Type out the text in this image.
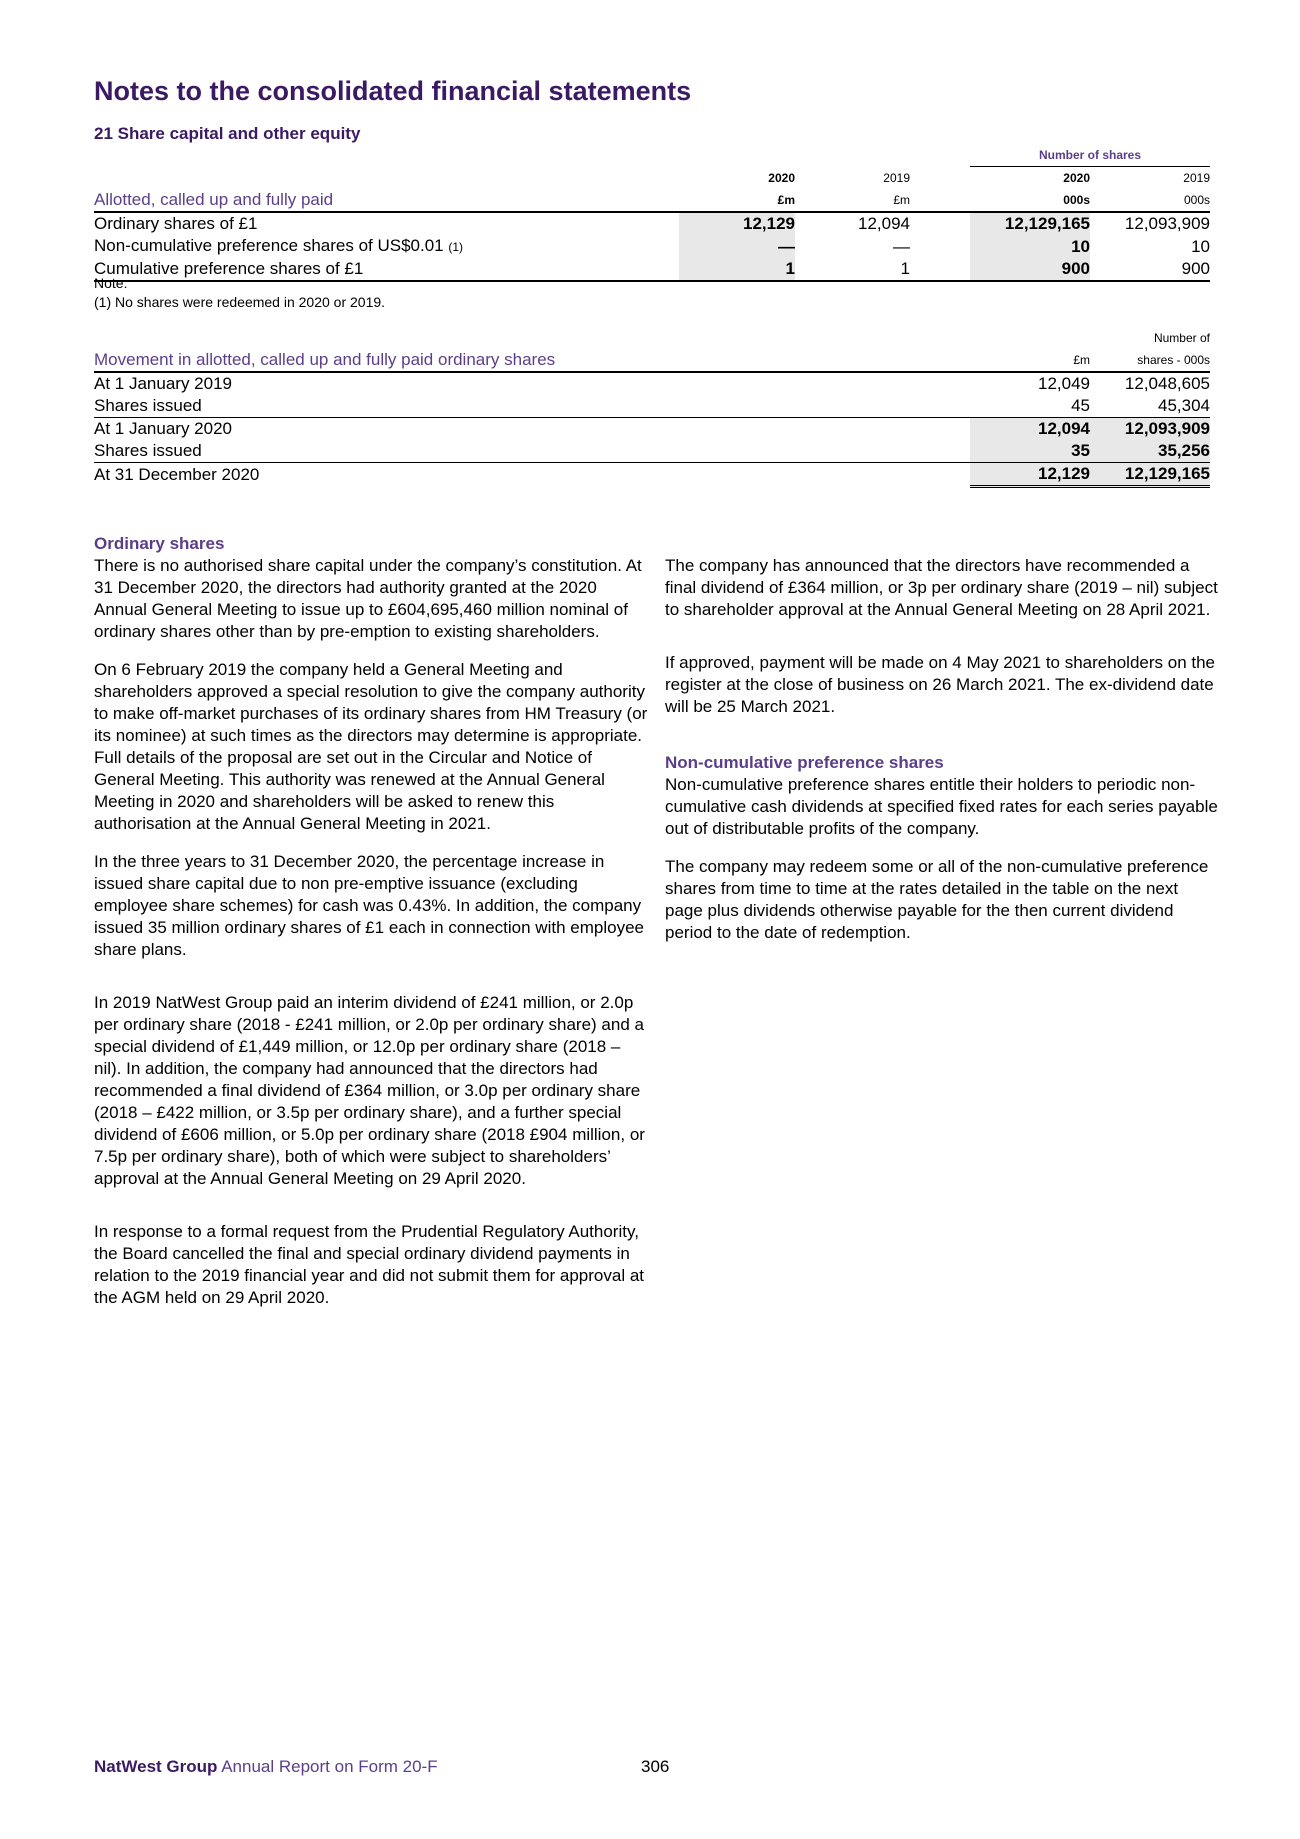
Notes to the consolidated financial statements
21 Share capital and other equity
				Number of shares	
	2020	2019		2020	2019
Allotted, called up and fully paid	£m	£m		000s	000s
Ordinary shares of £1	12,129	12,094		12,129,165	12,093,909
Non-cumulative preference shares of US$0.01 (1)	—	—		10	10
Cumulative preference shares of £1	1	1		900	900
Note:
(1) No shares were redeemed in 2020 or 2019.
		Number of
Movement in allotted, called up and fully paid ordinary shares	£m	shares - 000s
At 1 January 2019	12,049	12,048,605
Shares issued	45	45,304
At 1 January 2020	12,094	12,093,909
Shares issued	35	35,256
At 31 December 2020	12,129	12,129,165
Ordinary shares

There is no authorised share capital under the company’s constitution. At 31 December 2020, the directors had authority granted at the 2020 Annual General Meeting to issue up to £604,695,460 million nominal of ordinary shares other than by pre-emption to existing shareholders.

On 6 February 2019 the company held a General Meeting and shareholders approved a special resolution to give the company authority to make off-market purchases of its ordinary shares from HM Treasury (or its nominee) at such times as the directors may determine is appropriate. Full details of the proposal are set out in the Circular and Notice of General Meeting. This authority was renewed at the Annual General Meeting in 2020 and shareholders will be asked to renew this authorisation at the Annual General Meeting in 2021.

In the three years to 31 December 2020, the percentage increase in issued share capital due to non pre-emptive issuance (excluding employee share schemes) for cash was 0.43%. In addition, the company issued 35 million ordinary shares of £1 each in connection with employee share plans.

In 2019 NatWest Group paid an interim dividend of £241 million, or 2.0p per ordinary share (2018 - £241 million, or 2.0p per ordinary share) and a special dividend of £1,449 million, or 12.0p per ordinary share (2018 – nil). In addition, the company had announced that the directors had recommended a final dividend of £364 million, or 3.0p per ordinary share (2018 – £422 million, or 3.5p per ordinary share), and a further special dividend of £606 million, or 5.0p per ordinary share (2018 £904 million, or 7.5p per ordinary share), both of which were subject to shareholders’ approval at the Annual General Meeting on 29 April 2020.

In response to a formal request from the Prudential Regulatory Authority, the Board cancelled the final and special ordinary dividend payments in relation to the 2019 financial year and did not submit them for approval at the AGM held on 29 April 2020.

The company has announced that the directors have recommended a final dividend of £364 million, or 3p per ordinary share (2019 – nil) subject to shareholder approval at the Annual General Meeting on 28 April 2021.

If approved, payment will be made on 4 May 2021 to shareholders on the register at the close of business on 26 March 2021. The ex-dividend date will be 25 March 2021.

Non-cumulative preference shares

Non-cumulative preference shares entitle their holders to periodic non-cumulative cash dividends at specified fixed rates for each series payable out of distributable profits of the company.

The company may redeem some or all of the non-cumulative preference shares from time to time at the rates detailed in the table on the next page plus dividends otherwise payable for the then current dividend period to the date of redemption.

NatWest Group Annual Report on Form 20-F	306
